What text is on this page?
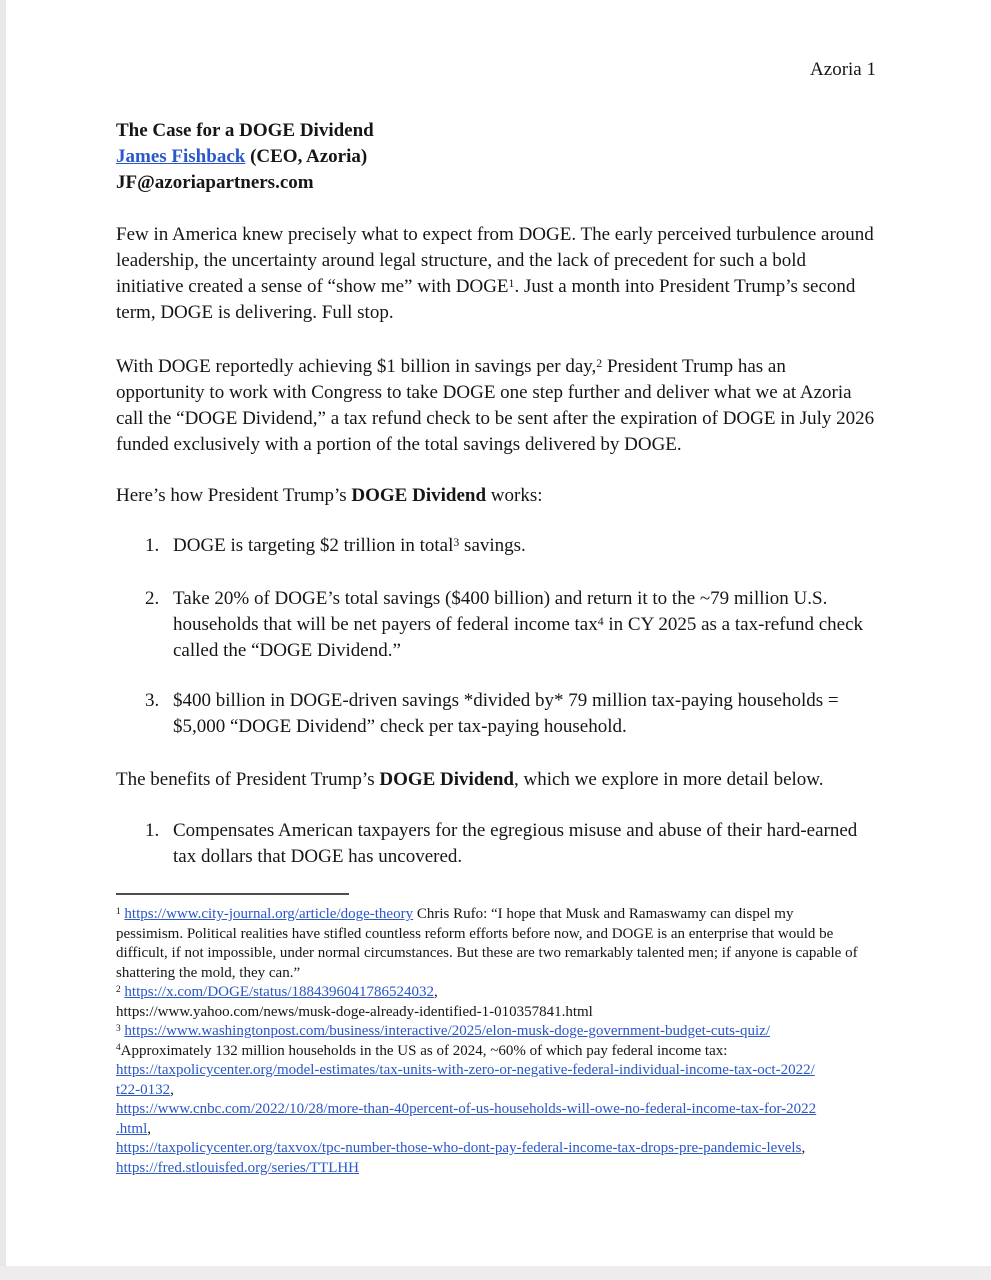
Azoria 1
The Case for a DOGE Dividend
James Fishback (CEO, Azoria)
JF@azoriapartners.com

Few in America knew precisely what to expect from DOGE. The early perceived turbulence around leadership, the uncertainty around legal structure, and the lack of precedent for such a bold initiative created a sense of “show me” with DOGE$^1$. Just a month into President Trump’s second term, DOGE is delivering. Full stop.

With DOGE reportedly achieving $1 billion in savings per day,$^2$ President Trump has an opportunity to work with Congress to take DOGE one step further and deliver what we at Azoria call the “DOGE Dividend,” a tax refund check to be sent after the expiration of DOGE in July 2026 funded exclusively with a portion of the total savings delivered by DOGE.

Here’s how President Trump’s DOGE Dividend works:

1. DOGE is targeting $2 trillion in total$^3$ savings.
2. Take 20% of DOGE’s total savings ($400 billion) and return it to the ~79 million U.S. households that will be net payers of federal income tax$^4$ in CY 2025 as a tax-refund check called the “DOGE Dividend.”
3. $400 billion in DOGE-driven savings *divided by* 79 million tax-paying households = $5,000 “DOGE Dividend” check per tax-paying household.

The benefits of President Trump’s DOGE Dividend, which we explore in more detail below.

1. Compensates American taxpayers for the egregious misuse and abuse of their hard-earned tax dollars that DOGE has uncovered.
$^1$ https://www.city-journal.org/article/doge-theory Chris Rufo: “I hope that Musk and Ramaswamy can dispel my pessimism. Political realities have stifled countless reform efforts before now, and DOGE is an enterprise that would be difficult, if not impossible, under normal circumstances. But these are two remarkably talented men; if anyone is capable of shattering the mold, they can.”
$^2$ https://x.com/DOGE/status/1884396041786524032,
https://www.yahoo.com/news/musk-doge-already-identified-1-010357841.html
$^3$ https://www.washingtonpost.com/business/interactive/2025/elon-musk-doge-government-budget-cuts-quiz/
$^4$Approximately 132 million households in the US as of 2024, ~60% of which pay federal income tax:
https://taxpolicycenter.org/model-estimates/tax-units-with-zero-or-negative-federal-individual-income-tax-oct-2022/
t22-0132,
https://www.cnbc.com/2022/10/28/more-than-40percent-of-us-households-will-owe-no-federal-income-tax-for-2022
.html,
https://taxpolicycenter.org/taxvox/tpc-number-those-who-dont-pay-federal-income-tax-drops-pre-pandemic-levels,
https://fred.stlouisfed.org/series/TTLHH
